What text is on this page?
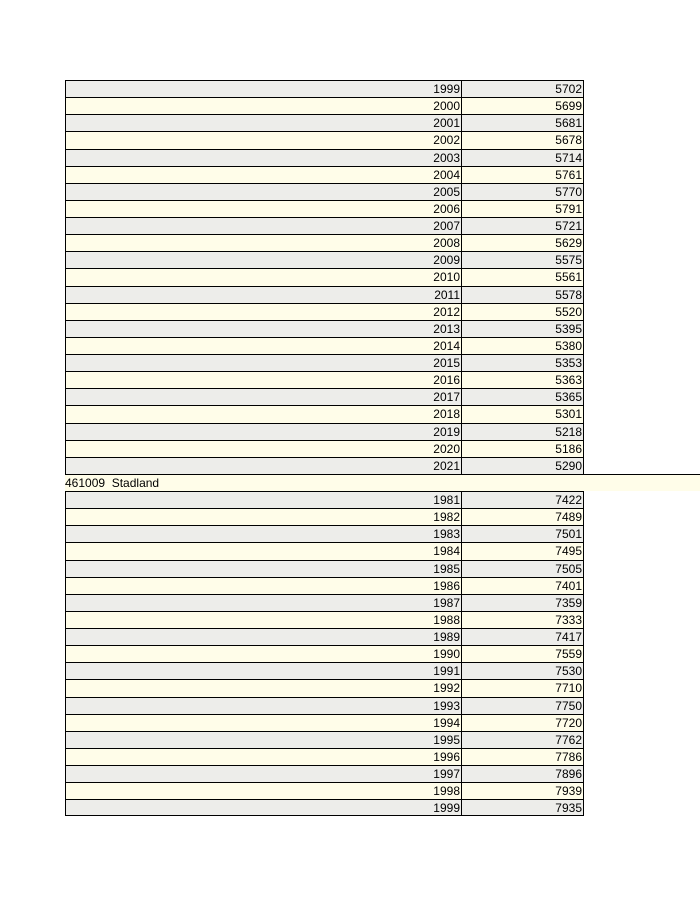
1999	5702
2000	5699
2001	5681
2002	5678
2003	5714
2004	5761
2005	5770
2006	5791
2007	5721
2008	5629
2009	5575
2010	5561
2011	5578
2012	5520
2013	5395
2014	5380
2015	5353
2016	5363
2017	5365
2018	5301
2019	5218
2020	5186
2021	5290
461009  Stadland
1981	7422
1982	7489
1983	7501
1984	7495
1985	7505
1986	7401
1987	7359
1988	7333
1989	7417
1990	7559
1991	7530
1992	7710
1993	7750
1994	7720
1995	7762
1996	7786
1997	7896
1998	7939
1999	7935
